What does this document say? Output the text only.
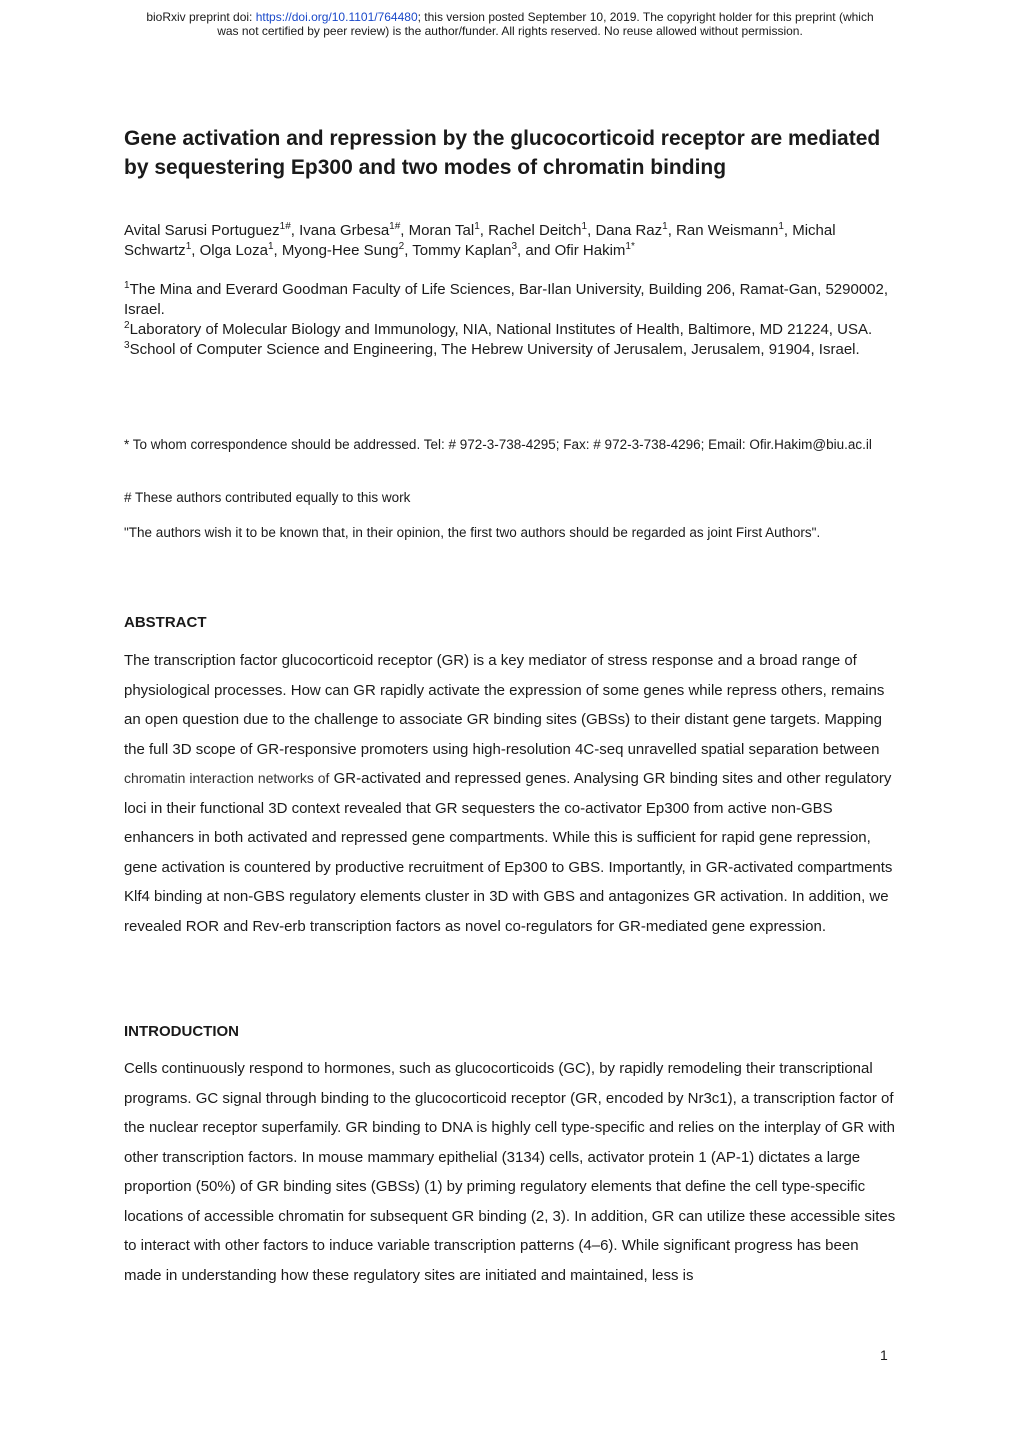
bioRxiv preprint doi: https://doi.org/10.1101/764480; this version posted September 10, 2019. The copyright holder for this preprint (which
was not certified by peer review) is the author/funder. All rights reserved. No reuse allowed without permission.
Gene activation and repression by the glucocorticoid receptor are mediated by sequestering Ep300 and two modes of chromatin binding
Avital Sarusi Portuguez$^{1\#}$, Ivana Grbesa$^{1\#}$, Moran Tal$^1$, Rachel Deitch$^1$, Dana Raz$^1$, Ran Weismann$^1$, Michal Schwartz$^1$, Olga Loza$^1$, Myong-Hee Sung$^2$, Tommy Kaplan$^3$, and Ofir Hakim$^{1*}$

$^1$The Mina and Everard Goodman Faculty of Life Sciences, Bar-Ilan University, Building 206, Ramat-Gan, 5290002, Israel.

$^2$Laboratory of Molecular Biology and Immunology, NIA, National Institutes of Health, Baltimore, MD 21224, USA.

$^3$School of Computer Science and Engineering, The Hebrew University of Jerusalem, Jerusalem, 91904, Israel.

* To whom correspondence should be addressed. Tel: # 972-3-738-4295; Fax: # 972-3-738-4296; Email: Ofir.Hakim@biu.ac.il
# These authors contributed equally to this work
"The authors wish it to be known that, in their opinion, the first two authors should be regarded as joint First Authors".
ABSTRACT
The transcription factor glucocorticoid receptor (GR) is a key mediator of stress response and a broad range of physiological processes. How can GR rapidly activate the expression of some genes while repress others, remains an open question due to the challenge to associate GR binding sites (GBSs) to their distant gene targets. Mapping the full 3D scope of GR-responsive promoters using high-resolution 4C-seq unravelled spatial separation between chromatin interaction networks of GR-activated and repressed genes. Analysing GR binding sites and other regulatory loci in their functional 3D context revealed that GR sequesters the co-activator Ep300 from active non-GBS enhancers in both activated and repressed gene compartments. While this is sufficient for rapid gene repression, gene activation is countered by productive recruitment of Ep300 to GBS. Importantly, in GR-activated compartments Klf4 binding at non-GBS regulatory elements cluster in 3D with GBS and antagonizes GR activation. In addition, we revealed ROR and Rev-erb transcription factors as novel co-regulators for GR-mediated gene expression.
INTRODUCTION
Cells continuously respond to hormones, such as glucocorticoids (GC), by rapidly remodeling their transcriptional programs. GC signal through binding to the glucocorticoid receptor (GR, encoded by Nr3c1), a transcription factor of the nuclear receptor superfamily. GR binding to DNA is highly cell type-specific and relies on the interplay of GR with other transcription factors. In mouse mammary epithelial (3134) cells, activator protein 1 (AP-1) dictates a large proportion (50%) of GR binding sites (GBSs) (1) by priming regulatory elements that define the cell type-specific locations of accessible chromatin for subsequent GR binding (2, 3). In addition, GR can utilize these accessible sites to interact with other factors to induce variable transcription patterns (4–6). While significant progress has been made in understanding how these regulatory sites are initiated and maintained, less is
1
